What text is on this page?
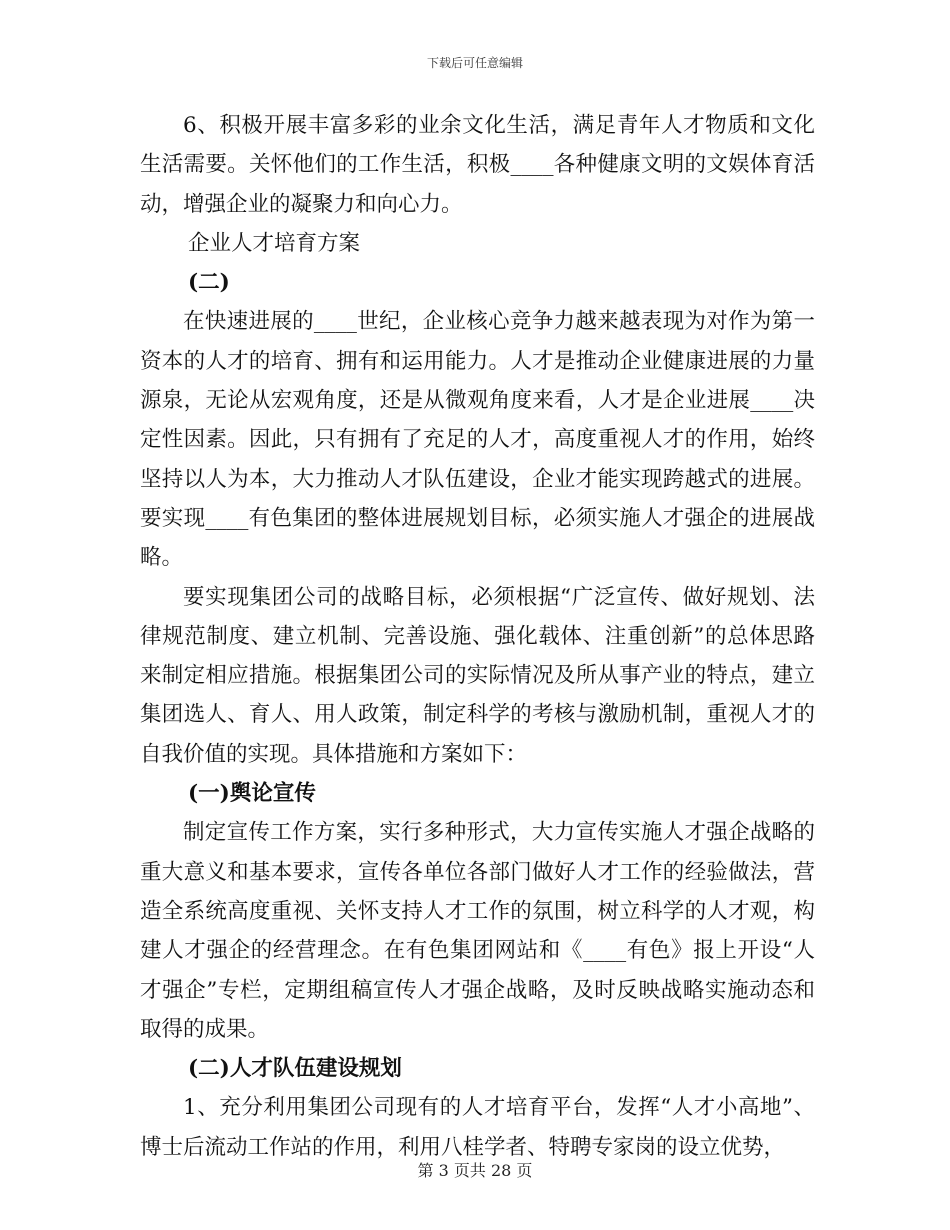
下载后可任意编辑

6、积极开展丰富多彩的业余文化生活，满足青年人才物质和文化生活需要。关怀他们的工作生活，积极____各种健康文明的文娱体育活动，增强企业的凝聚力和向心力。

企业人才培育方案

(二)

在快速进展的____世纪，企业核心竞争力越来越表现为对作为第一资本的人才的培育、拥有和运用能力。人才是推动企业健康进展的力量源泉，无论从宏观角度，还是从微观角度来看，人才是企业进展____决定性因素。因此，只有拥有了充足的人才，高度重视人才的作用，始终坚持以人为本，大力推动人才队伍建设，企业才能实现跨越式的进展。要实现____有色集团的整体进展规划目标，必须实施人才强企的进展战略。

要实现集团公司的战略目标，必须根据“广泛宣传、做好规划、法律规范制度、建立机制、完善设施、强化载体、注重创新”的总体思路来制定相应措施。根据集团公司的实际情况及所从事产业的特点，建立集团选人、育人、用人政策，制定科学的考核与激励机制，重视人才的自我价值的实现。具体措施和方案如下：

(一)舆论宣传

制定宣传工作方案，实行多种形式，大力宣传实施人才强企战略的重大意义和基本要求，宣传各单位各部门做好人才工作的经验做法，营造全系统高度重视、关怀支持人才工作的氛围，树立科学的人才观，构建人才强企的经营理念。在有色集团网站和《____有色》报上开设“人才强企”专栏，定期组稿宣传人才强企战略，及时反映战略实施动态和取得的成果。

(二)人才队伍建设规划

1、充分利用集团公司现有的人才培育平台，发挥“人才小高地”、博士后流动工作站的作用，利用八桂学者、特聘专家岗的设立优势，

第 3 页共 28 页
